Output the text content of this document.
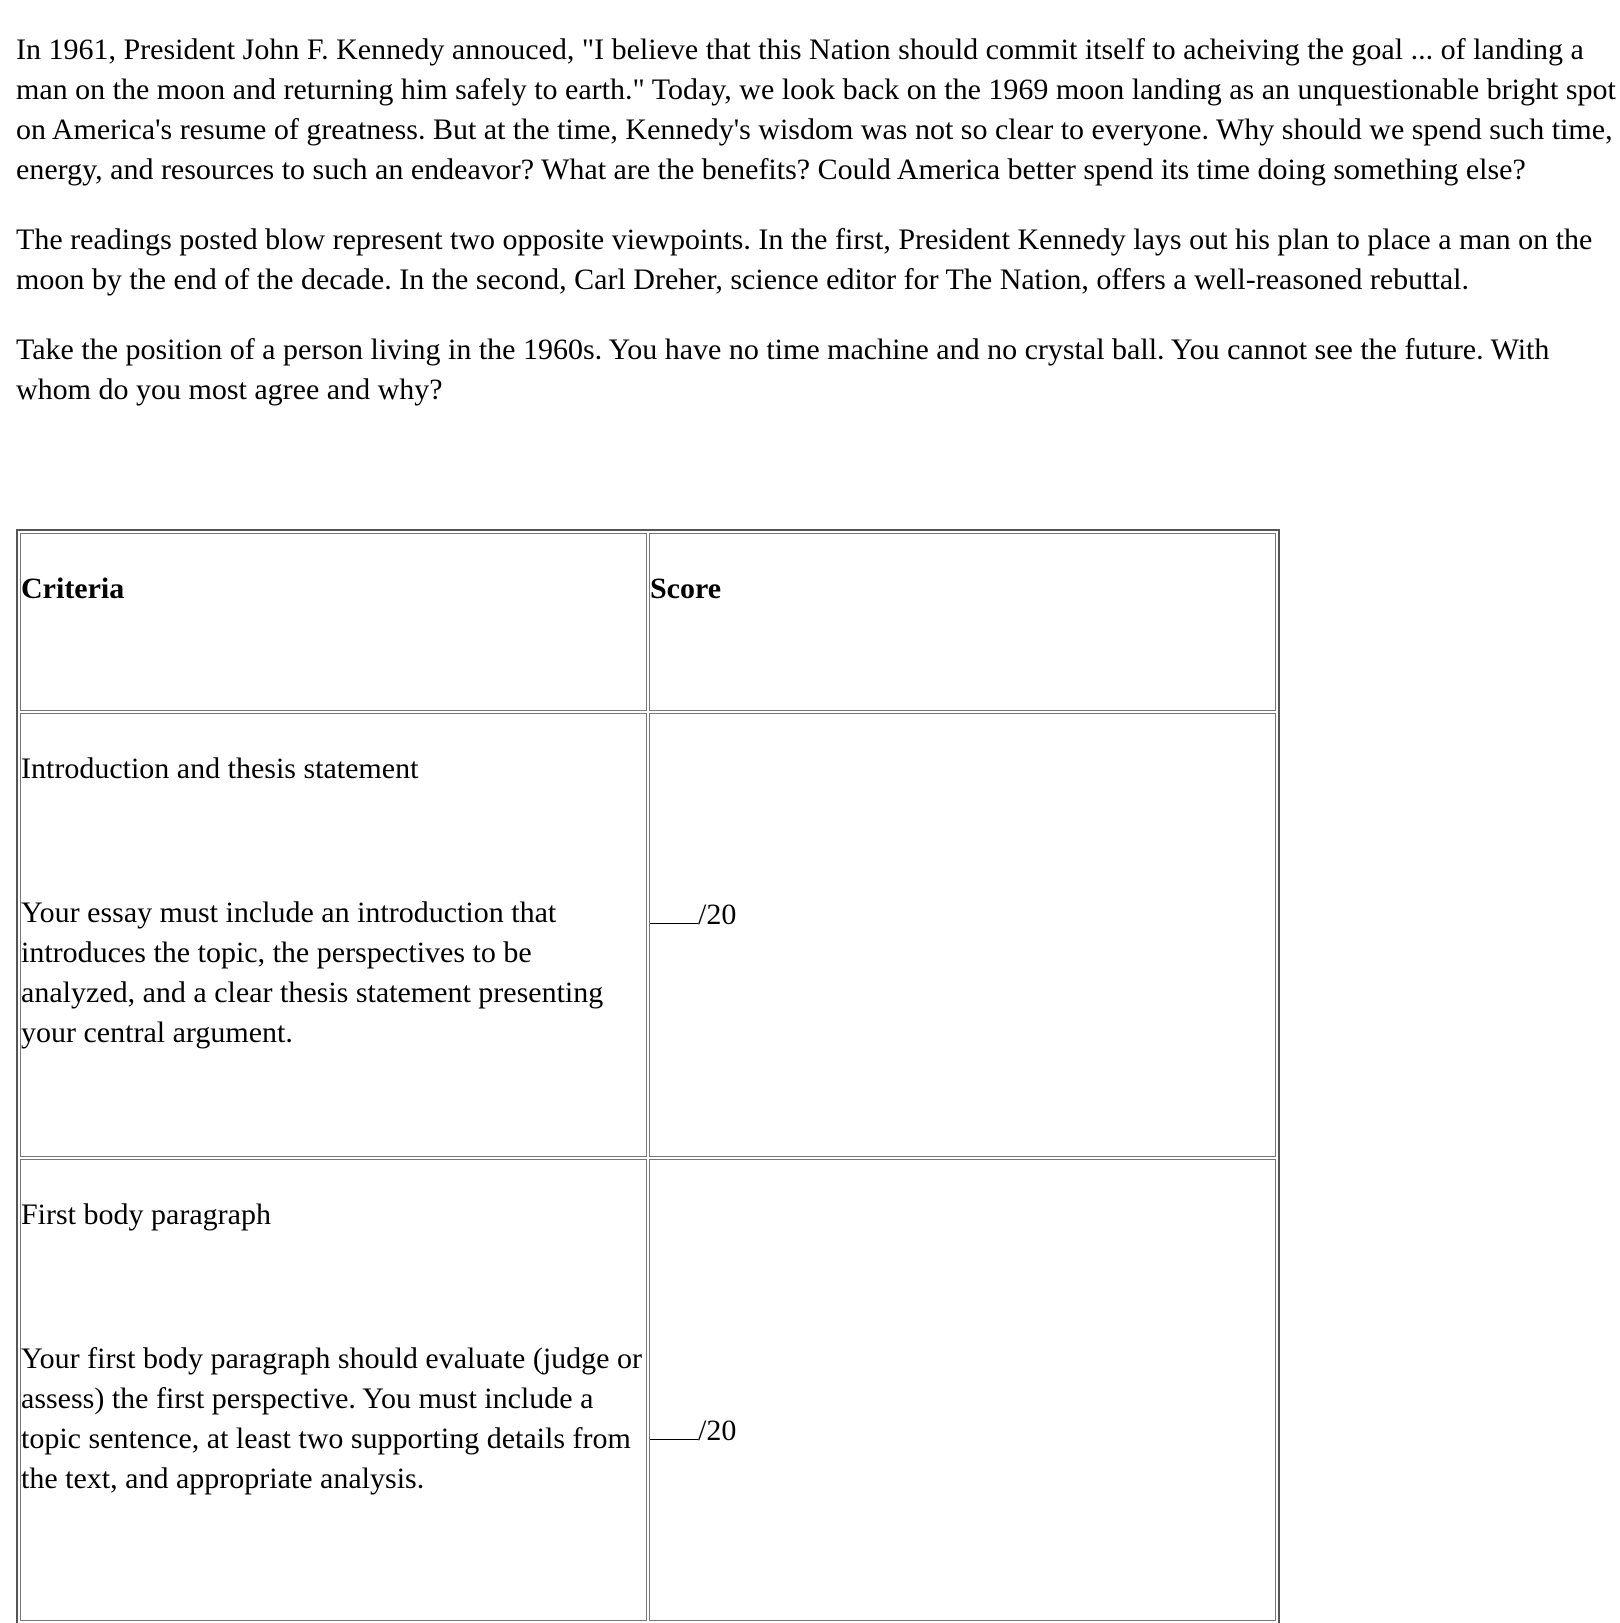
In 1961, President John F. Kennedy annouced, "I believe that this Nation should commit itself to acheiving the goal ... of landing a man on the moon and returning him safely to earth." Today, we look back on the 1969 moon landing as an unquestionable bright spot on America's resume of greatness. But at the time, Kennedy's wisdom was not so clear to everyone. Why should we spend such time, energy, and resources to such an endeavor? What are the benefits? Could America better spend its time doing something else?

The readings posted blow represent two opposite viewpoints. In the first, President Kennedy lays out his plan to place a man on the moon by the end of the decade. In the second, Carl Dreher, science editor for The Nation, offers a well-reasoned rebuttal.

Take the position of a person living in the 1960s. You have no time machine and no crystal ball. You cannot see the future. With whom do you most agree and why?

Criteria	Score

Introduction and thesis statement
Your essay must include an introduction that introduces the topic, the perspectives to be analyzed, and a clear thesis statement presenting your central argument.	/20

First body paragraph
Your first body paragraph should evaluate (judge or assess) the first perspective. You must include a topic sentence, at least two supporting details from the text, and appropriate analysis.	/20
